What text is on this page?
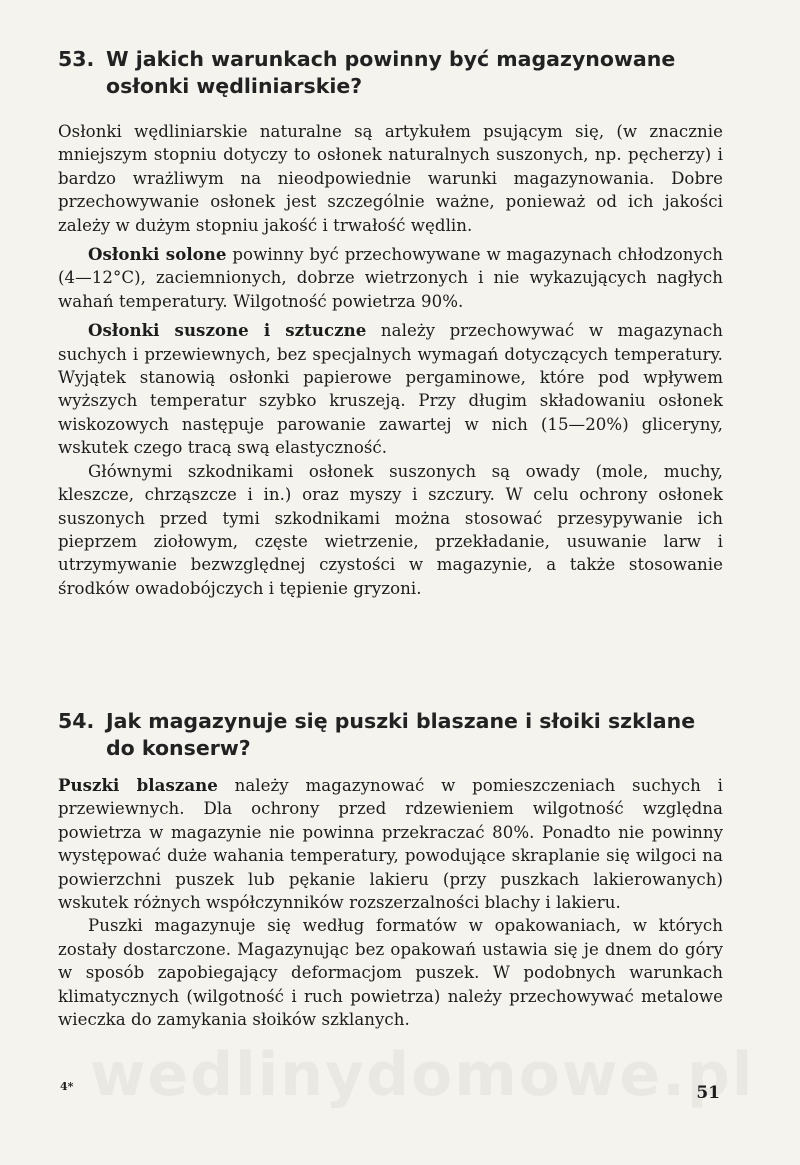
53. W jakich warunkach powinny być magazynowane osłonki wędliniarskie?

Osłonki wędliniarskie naturalne są artykułem psującym się, (w znacznie mniejszym stopniu dotyczy to osłonek naturalnych suszonych, np. pęcherzy) i bardzo wrażliwym na nieodpowiednie warunki magazynowania. Dobre przechowywanie osłonek jest szczególnie ważne, ponieważ od ich jakości zależy w dużym stopniu jakość i trwałość wędlin.

Osłonki solone powinny być przechowywane w magazynach chłodzonych (4—12°C), zaciemnionych, dobrze wietrzonych i nie wykazujących nagłych wahań temperatury. Wilgotność powietrza 90%.

Osłonki suszone i sztuczne należy przechowywać w magazynach suchych i przewiewnych, bez specjalnych wymagań dotyczących temperatury. Wyjątek stanowią osłonki papierowe pergaminowe, które pod wpływem wyższych temperatur szybko kruszeją. Przy długim składowaniu osłonek wiskozowych następuje parowanie zawartej w nich (15—20%) gliceryny, wskutek czego tracą swą elastyczność.

Głównymi szkodnikami osłonek suszonych są owady (mole, muchy, kleszcze, chrząszcze i in.) oraz myszy i szczury. W celu ochrony osłonek suszonych przed tymi szkodnikami można stosować przesypywanie ich pieprzem ziołowym, częste wietrzenie, przekładanie, usuwanie larw i utrzymywanie bezwzględnej czystości w magazynie, a także stosowanie środków owadobójczych i tępienie gryzoni.

54. Jak magazynuje się puszki blaszane i słoiki szklane do konserw?

Puszki blaszane należy magazynować w pomieszczeniach suchych i przewiewnych. Dla ochrony przed rdzewieniem wilgotność względna powietrza w magazynie nie powinna przekraczać 80%. Ponadto nie powinny występować duże wahania temperatury, powodujące skraplanie się wilgoci na powierzchni puszek lub pękanie lakieru (przy puszkach lakierowanych) wskutek różnych współczynników rozszerzalności blachy i lakieru.

Puszki magazynuje się według formatów w opakowaniach, w których zostały dostarczone. Magazynując bez opakowań ustawia się je dnem do góry w sposób zapobiegający deformacjom puszek. W podobnych warunkach klimatycznych (wilgotność i ruch powietrza) należy przechowywać metalowe wieczka do zamykania słoików szklanych.

4*	51
